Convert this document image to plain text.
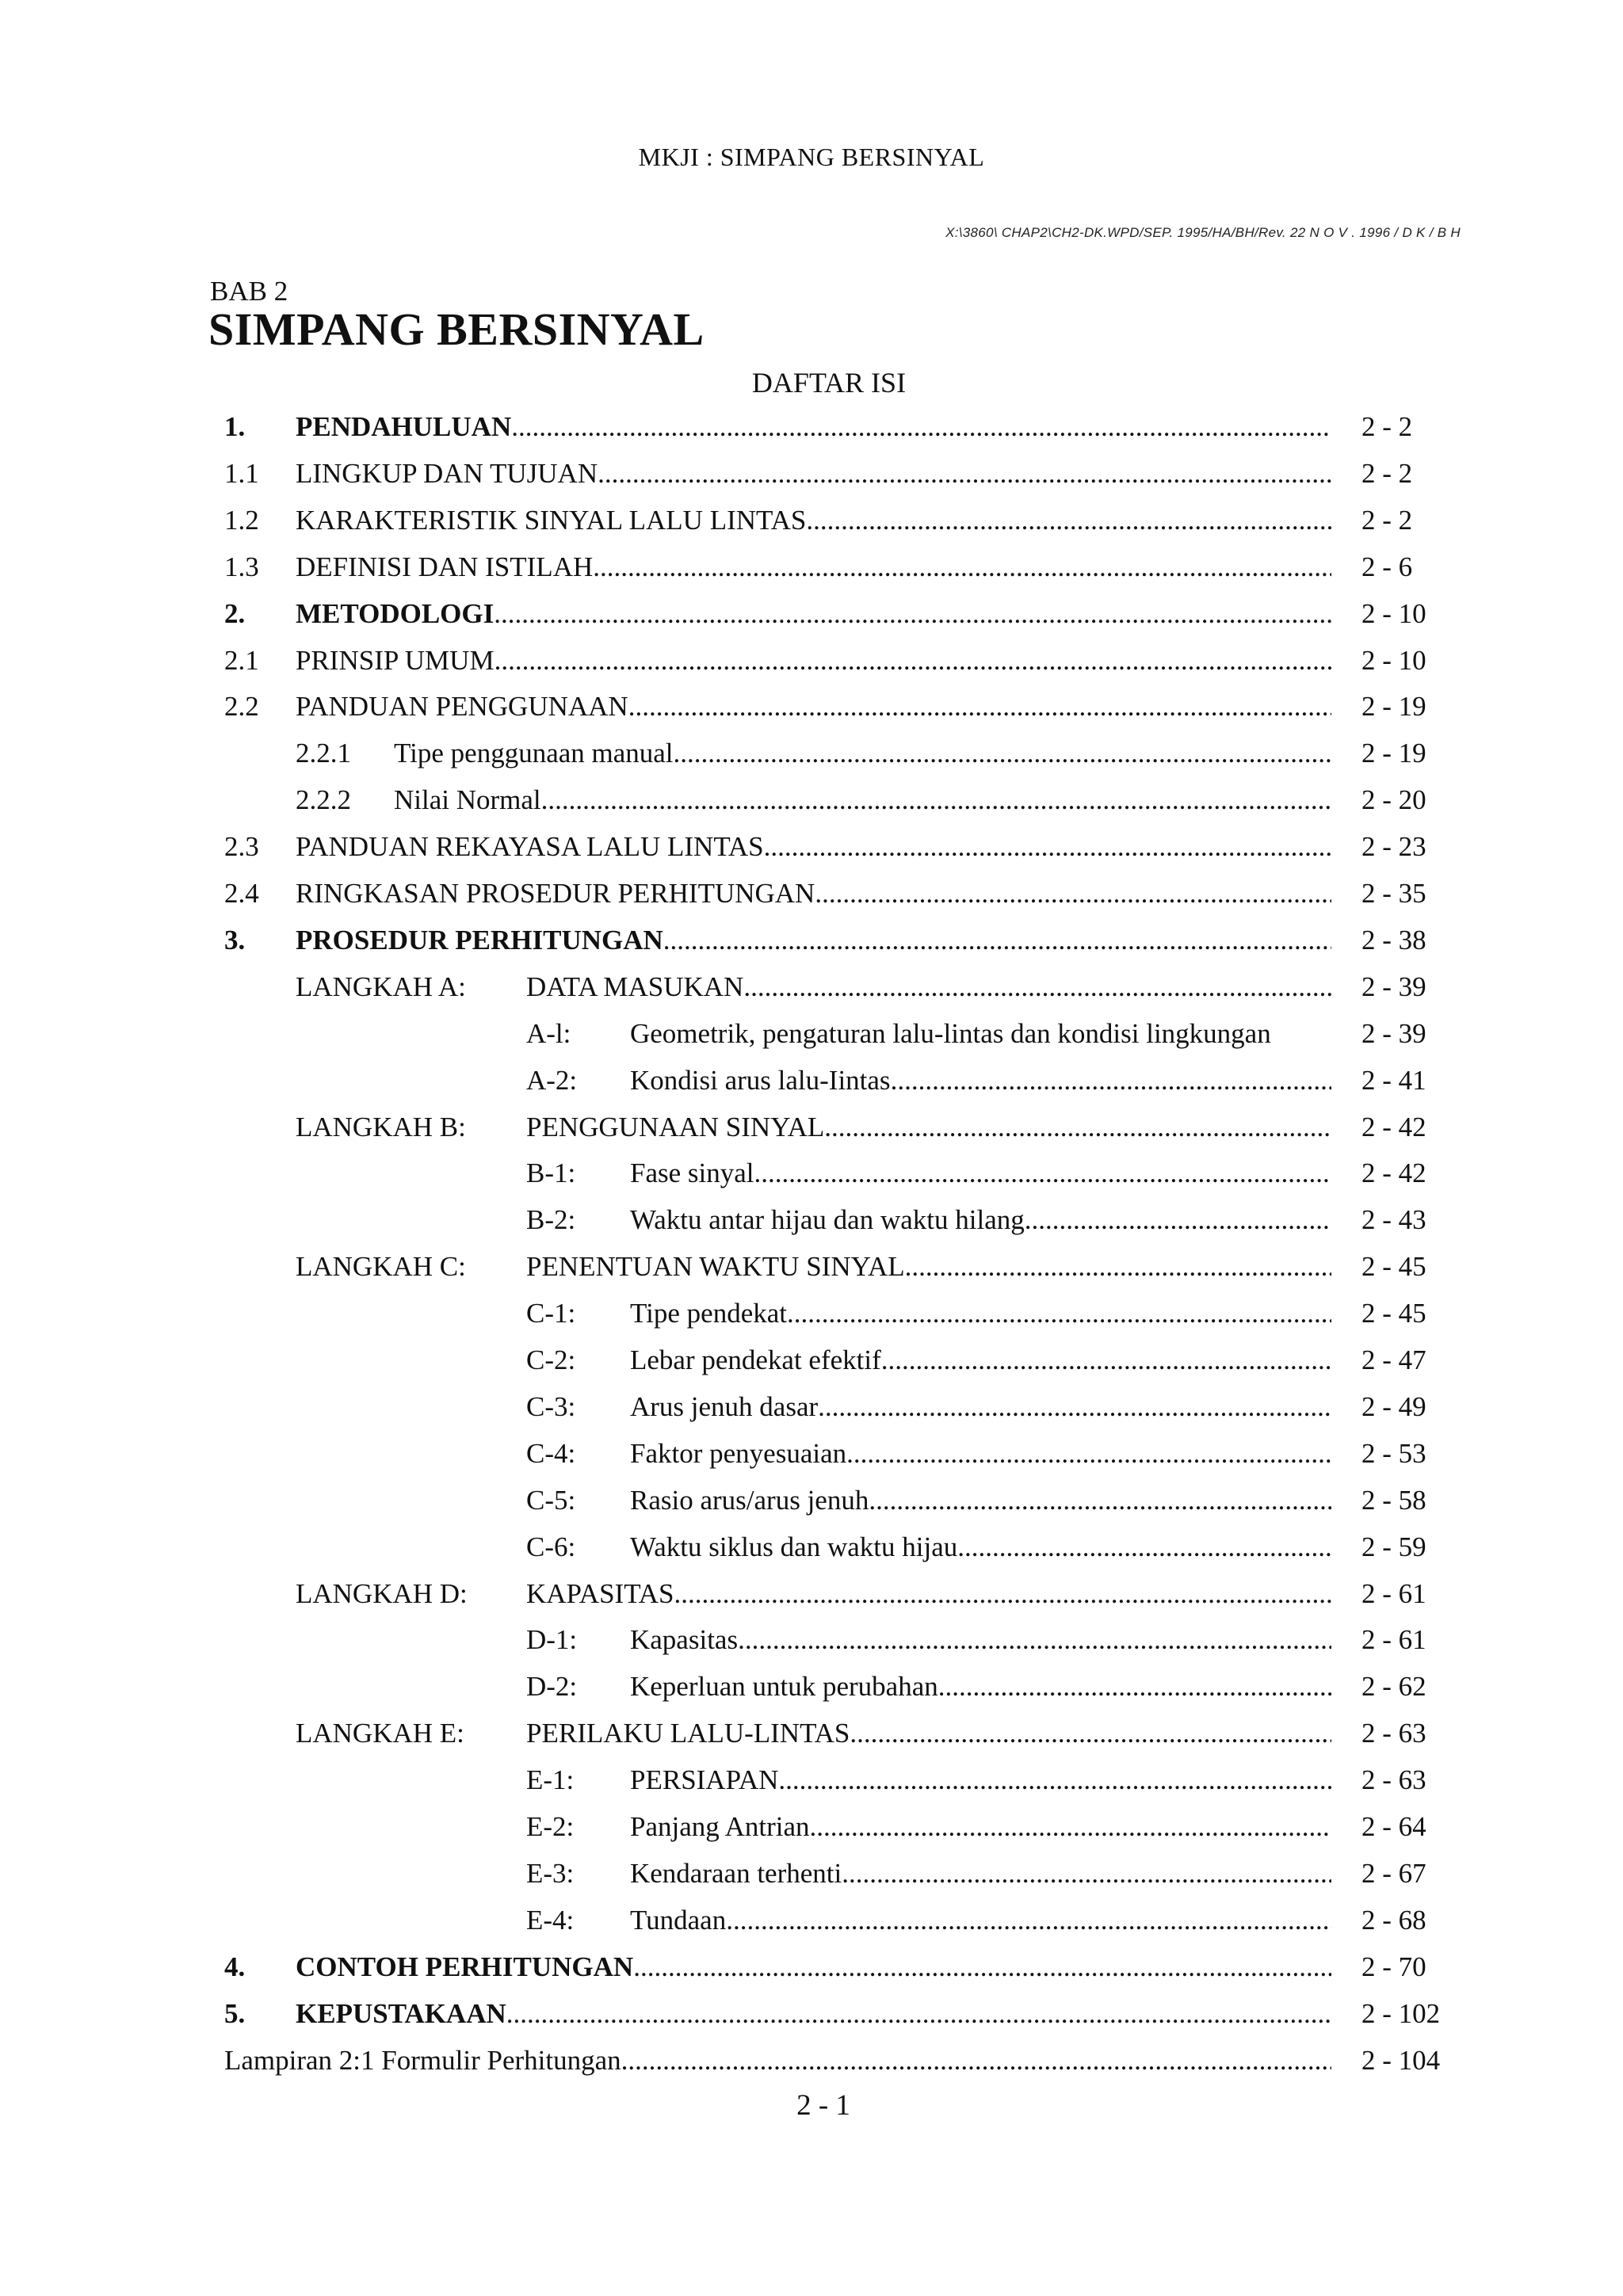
MKJI : SIMPANG BERSINYAL
X:\3860\ CHAP2\CH2-DK.WPD/SEP. 1995/HA/BH/Rev. 22 N O V . 1996 / D K / B H
BAB 2
SIMPANG BERSINYAL
DAFTAR ISI
1. PENDAHULUAN .....	2 - 2
1.1 LINGKUP DAN TUJUAN .....	2 - 2
1.2 KARAKTERISTIK SINYAL LALU LINTAS .....	2 - 2
1.3 DEFINISI DAN ISTILAH .....	2 - 6
2. METODOLOGI .....	2 - 10
2.1 PRINSIP UMUM .....	2 - 10
2.2 PANDUAN PENGGUNAAN .....	2 - 19
2.2.1 Tipe penggunaan manual .....	2 - 19
2.2.2 Nilai Normal .....	2 - 20
2.3 PANDUAN REKAYASA LALU LINTAS .....	2 - 23
2.4 RINGKASAN PROSEDUR PERHITUNGAN .....	2 - 35
3. PROSEDUR PERHITUNGAN .....	2 - 38
LANGKAH A: DATA MASUKAN .....	2 - 39
A-l: Geometrik, pengaturan lalu-lintas dan kondisi lingkungan	2 - 39
A-2: Kondisi arus lalu-Iintas .....	2 - 41
LANGKAH B: PENGGUNAAN SINYAL .....	2 - 42
B-1: Fase sinyal .....	2 - 42
B-2: Waktu antar hijau dan waktu hilang .....	2 - 43
LANGKAH C: PENENTUAN WAKTU SINYAL .....	2 - 45
C-1: Tipe pendekat .....	2 - 45
C-2: Lebar pendekat efektif .....	2 - 47
C-3: Arus jenuh dasar .....	2 - 49
C-4: Faktor penyesuaian .....	2 - 53
C-5: Rasio arus/arus jenuh .....	2 - 58
C-6: Waktu siklus dan waktu hijau .....	2 - 59
LANGKAH D: KAPASITAS .....	2 - 61
D-1: Kapasitas .....	2 - 61
D-2: Keperluan untuk perubahan .....	2 - 62
LANGKAH E: PERILAKU LALU-LINTAS .....	2 - 63
E-1: PERSIAPAN .....	2 - 63
E-2: Panjang Antrian .....	2 - 64
E-3: Kendaraan terhenti .....	2 - 67
E-4: Tundaan .....	2 - 68
4. CONTOH PERHITUNGAN .....	2 - 70
5. KEPUSTAKAAN .....	2 - 102
Lampiran 2:1 Formulir Perhitungan .....	2 - 104
2 - 1
